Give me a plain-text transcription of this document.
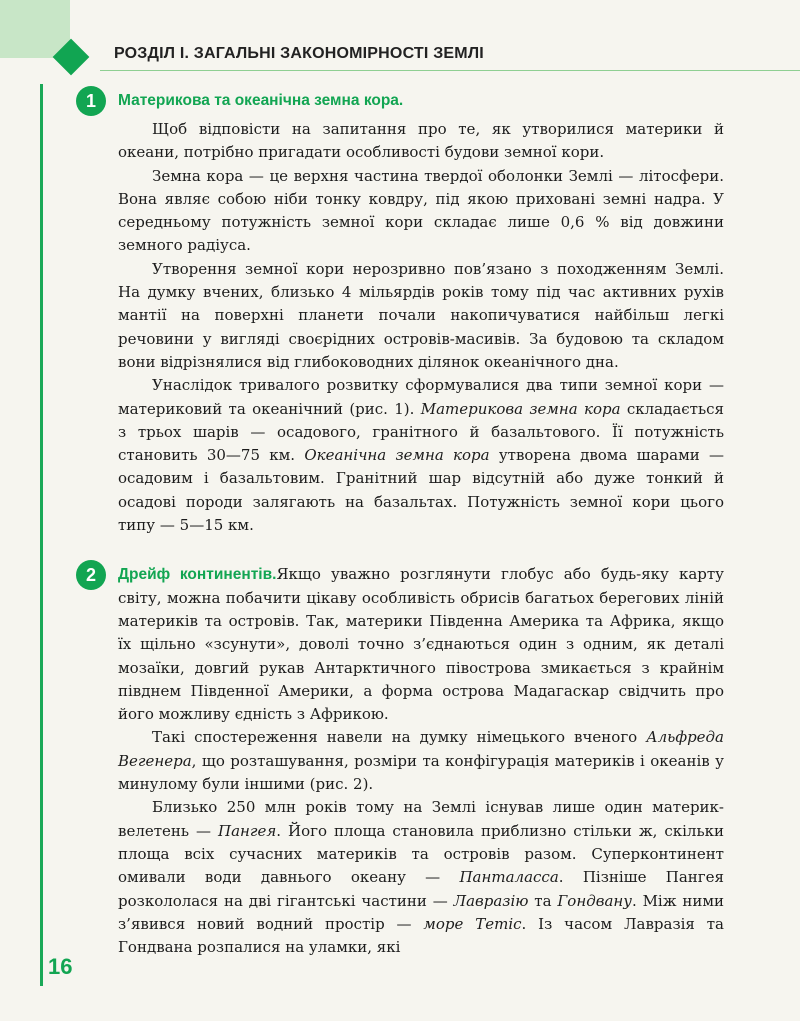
РОЗДІЛ І. ЗАГАЛЬНІ ЗАКОНОМІРНОСТІ ЗЕМЛІ
1	Материкова та океанічна земна кора.

Щоб відповісти на запитання про те, як утворилися материки й океани, потрібно пригадати особливості будови земної кори.

Земна кора — це верхня частина твердої оболонки Землі — літосфери. Вона являє собою ніби тонку ковдру, під якою приховані земні надра. У середньому потужність земної кори складає лише 0,6 % від довжини земного радіуса.

Утворення земної кори нерозривно пов’язано з походженням Землі. На думку вчених, близько 4 мільярдів років тому під час активних рухів мантії на поверхні планети почали накопичуватися найбільш легкі речовини у вигляді своєрідних островів-масивів. За будовою та складом вони відрізнялися від глибоководних ділянок океанічного дна.

Унаслідок тривалого розвитку сформувалися два типи земної кори — материковий та океанічний (рис. 1). Материкова земна кора складається з трьох шарів — осадового, гранітного й базальтового. Її потужність становить 30—75 км. Океанічна земна кора утворена двома шарами — осадовим і базальтовим. Гранітний шар відсутній або дуже тонкий й осадові породи залягають на базальтах. Потужність земної кори цього типу — 5—15 км.

2	Дрейф континентів.Якщо уважно розглянути глобус або будь-яку карту світу, можна побачити цікаву особливість обрисів багатьох берегових ліній материків та островів. Так, материки Південна Америка та Африка, якщо їх щільно «зсунути», доволі точно з’єднаються один з одним, як деталі мозаїки, довгий рукав Антарктичного півострова змикається з крайнім півднем Південної Америки, а форма острова Мадагаскар свідчить про його можливу єдність з Африкою.

Такі спостереження навели на думку німецького вченого Альфреда Вегенера, що розташування, розміри та конфігурація материків і океанів у минулому були іншими (рис. 2).

Близько 250 млн років тому на Землі існував лише один материк-велетень — Пангея. Його площа становила приблизно стільки ж, скільки площа всіх сучасних материків та островів разом. Суперконтинент омивали води давнього океану — Панталасса. Пізніше Пангея розкололася на дві гігантські частини — Лавразію та Гондвану. Між ними з’явився новий водний простір — море Тетіс. Із часом Лавразія та Гондвана розпалися на уламки, які

16
